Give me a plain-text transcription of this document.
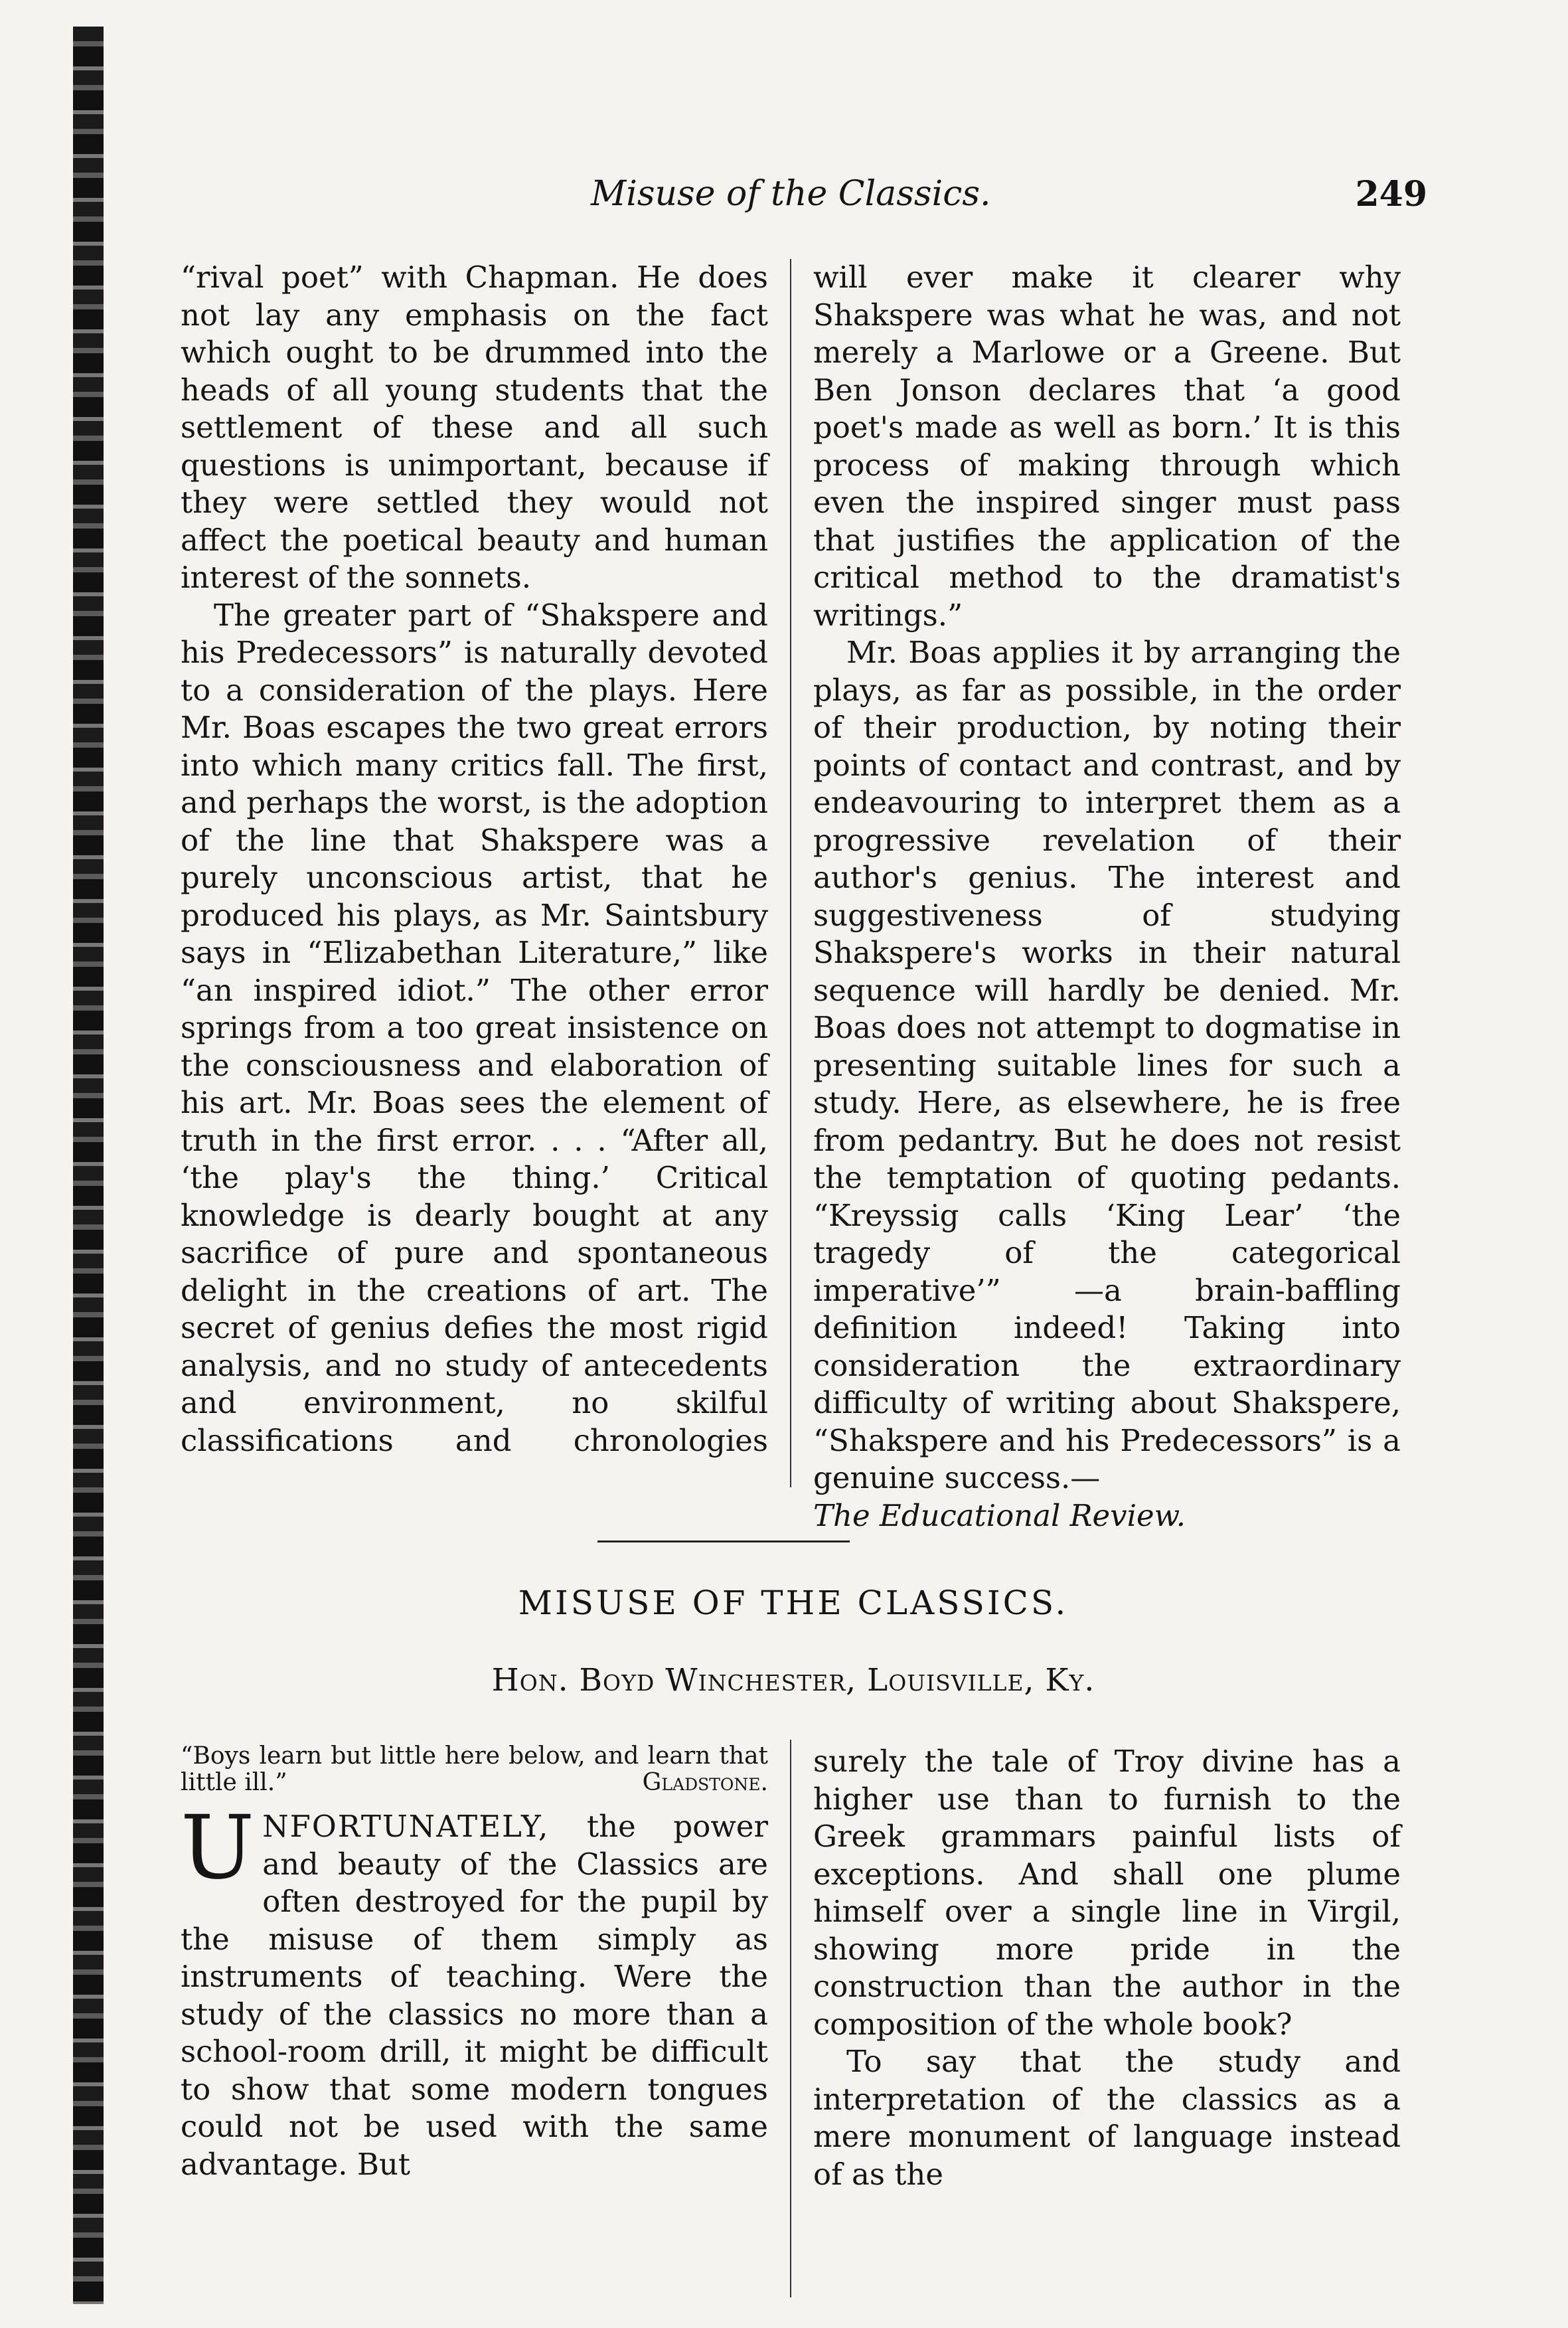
Misuse of the Classics.	249

“rival poet” with Chapman. He does not lay any emphasis on the fact which ought to be drummed into the heads of all young students that the settlement of these and all such questions is unimportant, because if they were settled they would not affect the poetical beauty and human interest of the sonnets.

The greater part of “Shakspere and his Predecessors” is naturally devoted to a consideration of the plays. Here Mr. Boas escapes the two great errors into which many critics fall. The first, and perhaps the worst, is the adoption of the line that Shakspere was a purely unconscious artist, that he produced his plays, as Mr. Saintsbury says in “Elizabethan Literature,” like “an inspired idiot.” The other error springs from a too great insistence on the consciousness and elaboration of his art. Mr. Boas sees the element of truth in the first error. . . . “After all, ‘the play's the thing.’ Critical knowledge is dearly bought at any sacrifice of pure and spontaneous delight in the creations of art. The secret of genius defies the most rigid analysis, and no study of antecedents and environment, no skilful classifications and chronologies

will ever make it clearer why Shakspere was what he was, and not merely a Marlowe or a Greene. But Ben Jonson declares that ‘a good poet's made as well as born.’ It is this process of making through which even the inspired singer must pass that justifies the application of the critical method to the dramatist's writings.”

Mr. Boas applies it by arranging the plays, as far as possible, in the order of their production, by noting their points of contact and contrast, and by endeavouring to interpret them as a progressive revelation of their author's genius. The interest and suggestiveness of studying Shakspere's works in their natural sequence will hardly be denied. Mr. Boas does not attempt to dogmatise in presenting suitable lines for such a study. Here, as elsewhere, he is free from pedantry. But he does not resist the temptation of quoting pedants. “Kreyssig calls ‘King Lear’ ‘the tragedy of the categorical imperative’” —a brain-baffling definition indeed! Taking into consideration the extraordinary difficulty of writing about Shakspere, “Shakspere and his Predecessors” is a genuine success.—

The Educational Review.

MISUSE OF THE CLASSICS.
Hon. Boyd Winchester, Louisville, Ky.
“Boys learn but little here below, and learn that little ill.”	Gladstone.

U NFORTUNATELY, the power and beauty of the Classics are often destroyed for the pupil by the misuse of them simply as instruments of teaching. Were the study of the classics no more than a school-room drill, it might be difficult to show that some modern tongues could not be used with the same advantage. But

surely the tale of Troy divine has a higher use than to furnish to the Greek grammars painful lists of exceptions. And shall one plume himself over a single line in Virgil, showing more pride in the construction than the author in the composition of the whole book?

To say that the study and interpretation of the classics as a mere monument of language instead of as the
